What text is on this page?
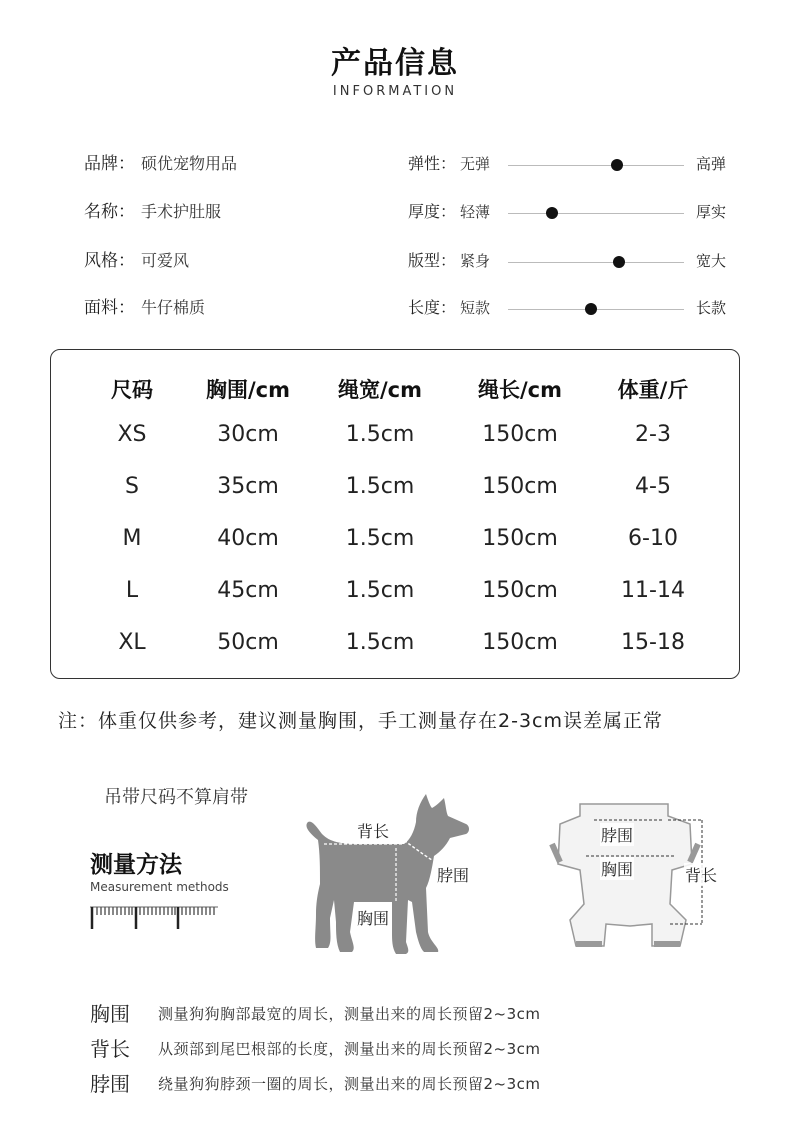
产品信息
INFORMATION
品牌： 硕优宠物用品
名称： 手术护肚服
风格： 可爱风
面料： 牛仔棉质
弹性： 无弹	高弹
厚度： 轻薄	厚实
版型： 紧身	宽大
长度： 短款	长款
尺码	胸围/cm	绳宽/cm	绳长/cm	体重/斤
XS	30cm	1.5cm	150cm	2-3
S	35cm	1.5cm	150cm	4-5
M	40cm	1.5cm	150cm	6-10
L	45cm	1.5cm	150cm	11-14
XL	50cm	1.5cm	150cm	15-18
注：体重仅供参考，建议测量胸围，手工测量存在2-3cm误差属正常
吊带尺码不算肩带
测量方法
Measurement methods
背长
脖围
胸围
脖围
胸围	背长
胸围 测量狗狗胸部最宽的周长，测量出来的周长预留2~3cm
背长 从颈部到尾巴根部的长度，测量出来的周长预留2~3cm
脖围 绕量狗狗脖颈一圈的周长，测量出来的周长预留2~3cm
